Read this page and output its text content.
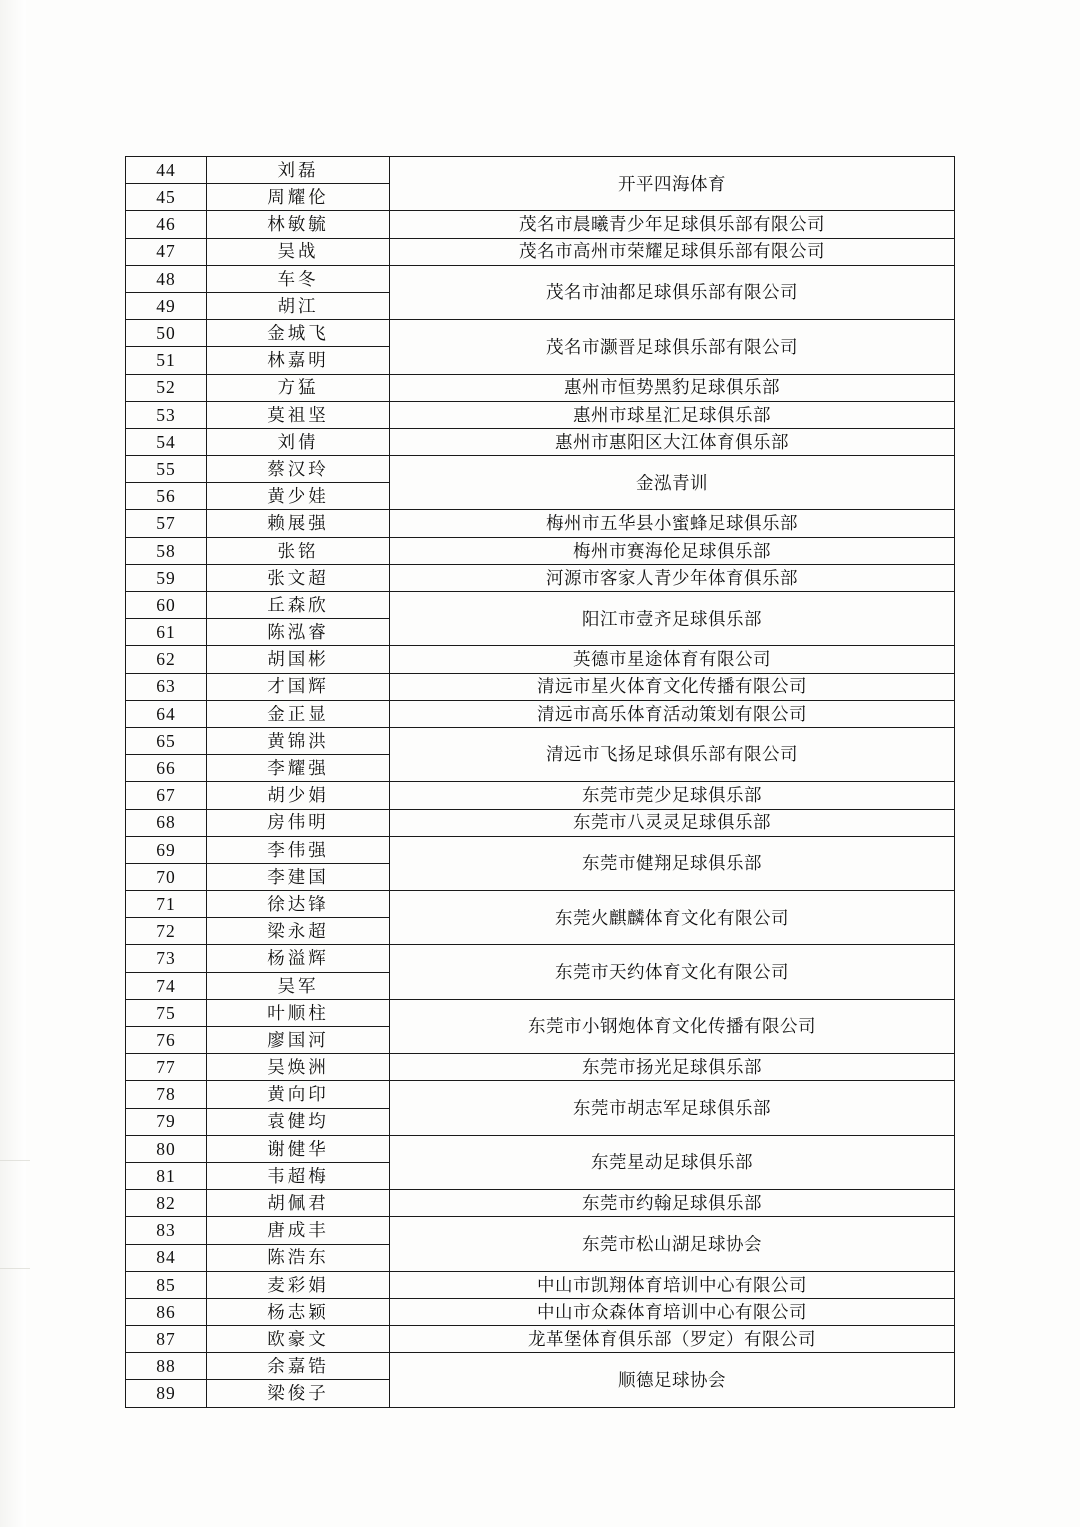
44	刘磊	开平四海体育
45	周耀伦	
46	林敏毓	茂名市晨曦青少年足球俱乐部有限公司
47	吴战	茂名市高州市荣耀足球俱乐部有限公司
48	车冬	茂名市油都足球俱乐部有限公司
49	胡江	
50	金城飞	茂名市灏晋足球俱乐部有限公司
51	林嘉明	
52	方猛	惠州市恒势黑豹足球俱乐部
53	莫祖坚	惠州市球星汇足球俱乐部
54	刘倩	惠州市惠阳区大江体育俱乐部
55	蔡汉玲	金泓青训
56	黄少娃	
57	赖展强	梅州市五华县小蜜蜂足球俱乐部
58	张铭	梅州市赛海伦足球俱乐部
59	张文超	河源市客家人青少年体育俱乐部
60	丘森欣	阳江市壹齐足球俱乐部
61	陈泓睿	
62	胡国彬	英德市星途体育有限公司
63	才国辉	清远市星火体育文化传播有限公司
64	金正显	清远市高乐体育活动策划有限公司
65	黄锦洪	清远市飞扬足球俱乐部有限公司
66	李耀强	
67	胡少娟	东莞市莞少足球俱乐部
68	房伟明	东莞市八灵灵足球俱乐部
69	李伟强	东莞市健翔足球俱乐部
70	李建国	
71	徐达锋	东莞火麒麟体育文化有限公司
72	梁永超	
73	杨溢辉	东莞市天约体育文化有限公司
74	吴军	
75	叶顺柱	东莞市小钢炮体育文化传播有限公司
76	廖国河	
77	吴焕洲	东莞市扬光足球俱乐部
78	黄向印	东莞市胡志军足球俱乐部
79	袁健均	
80	谢健华	东莞星动足球俱乐部
81	韦超梅	
82	胡佩君	东莞市约翰足球俱乐部
83	唐成丰	东莞市松山湖足球协会
84	陈浩东	
85	麦彩娟	中山市凯翔体育培训中心有限公司
86	杨志颖	中山市众森体育培训中心有限公司
87	欧豪文	龙革堡体育俱乐部（罗定）有限公司
88	余嘉锆	顺德足球协会
89	梁俊子	
